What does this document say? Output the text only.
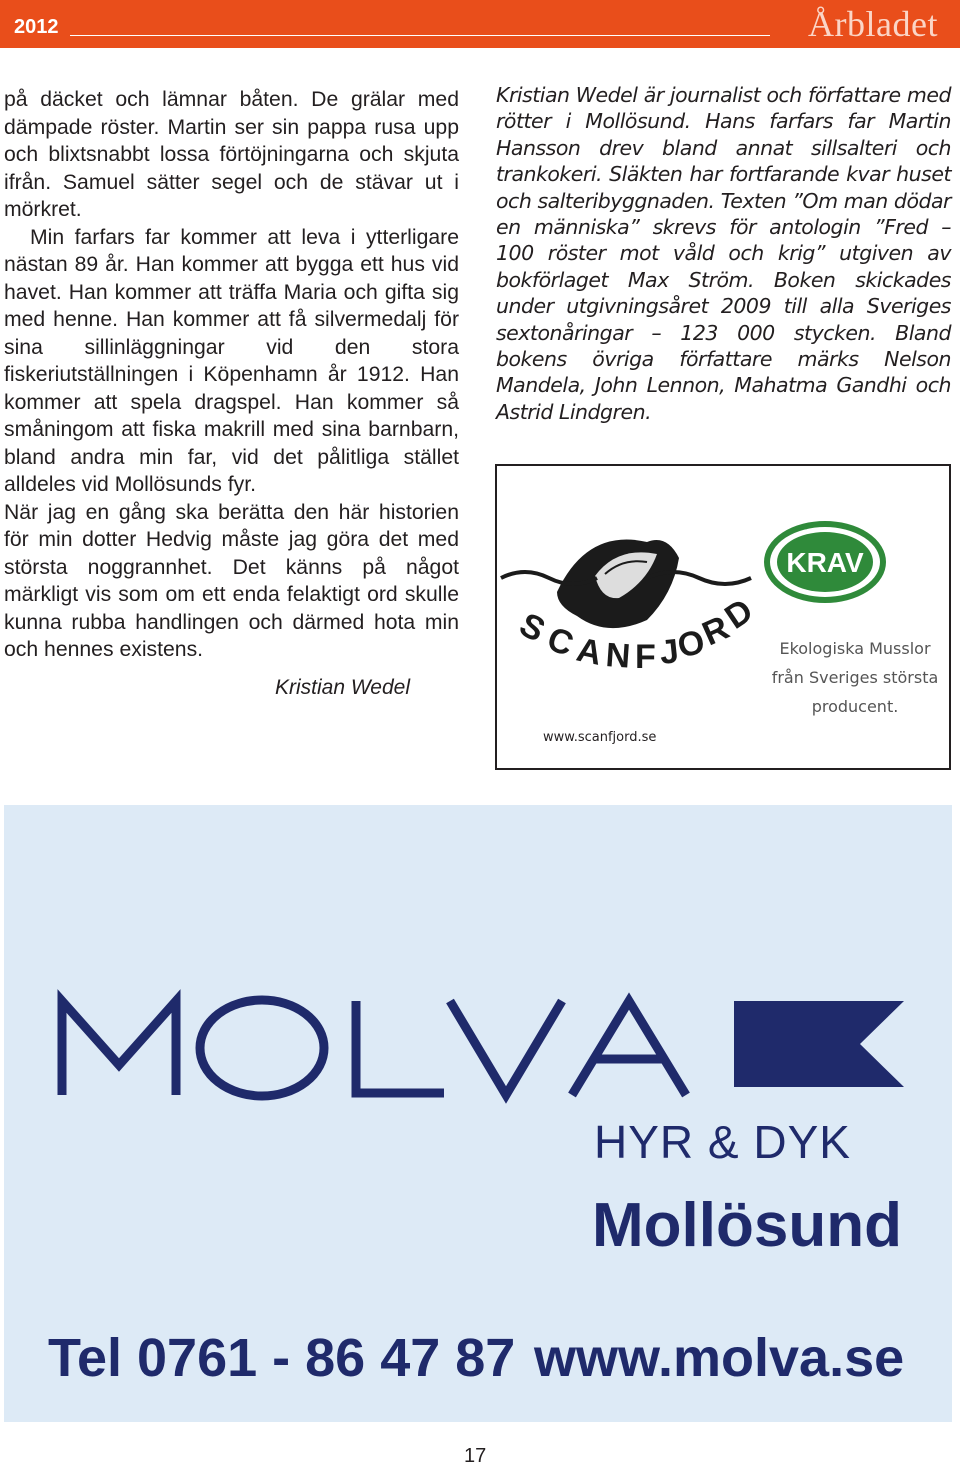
2012	Årbladet

på däcket och lämnar båten. De grälar med dämpade röster. Martin ser sin pappa rusa upp och blixtsnabbt lossa förtöjningarna och skjuta ifrån. Samuel sätter segel och de stävar ut i mörkret.

Min farfars far kommer att leva i ytterligare nästan 89 år. Han kommer att bygga ett hus vid havet. Han kommer att träffa Maria och gifta sig med henne. Han kommer att få silvermedalj för sina sillinläggningar vid den stora fiskeriutställningen i Köpenhamn år 1912. Han kommer att spela dragspel. Han kommer så småningom att fiska makrill med sina barnbarn, bland andra min far, vid det pålitliga stället alldeles vid Mollösunds fyr.

När jag en gång ska berätta den här historien för min dotter Hedvig måste jag göra det med största noggrannhet. Det känns på något märkligt vis som om ett enda felaktigt ord skulle kunna rubba handlingen och därmed hota min och hennes existens.

Kristian Wedel
Kristian Wedel är journalist och författare med rötter i Mollösund. Hans farfars far Martin Hansson drev bland annat sillsalteri och trankokeri. Släkten har fortfarande kvar huset och salteribyggnaden. Texten ”Om man dödar en människa” skrevs för antologin ”Fred – 100 röster mot våld och krig” utgiven av bokförlaget Max Ström. Boken skickades under utgivningsåret 2009 till alla Sveriges sextonåringar – 123 000 stycken. Bland bokens övriga författare märks Nelson Mandela, John Lennon, Mahatma Gandhi och Astrid Lindgren.
S
C
A N F J
O
R
D
KRAV
www.scanfjord.se
Ekologiska Musslor från Sveriges största producent.
HYR & DYK
Mollösund
Tel 0761 - 86 47 87 www.molva.se
17
